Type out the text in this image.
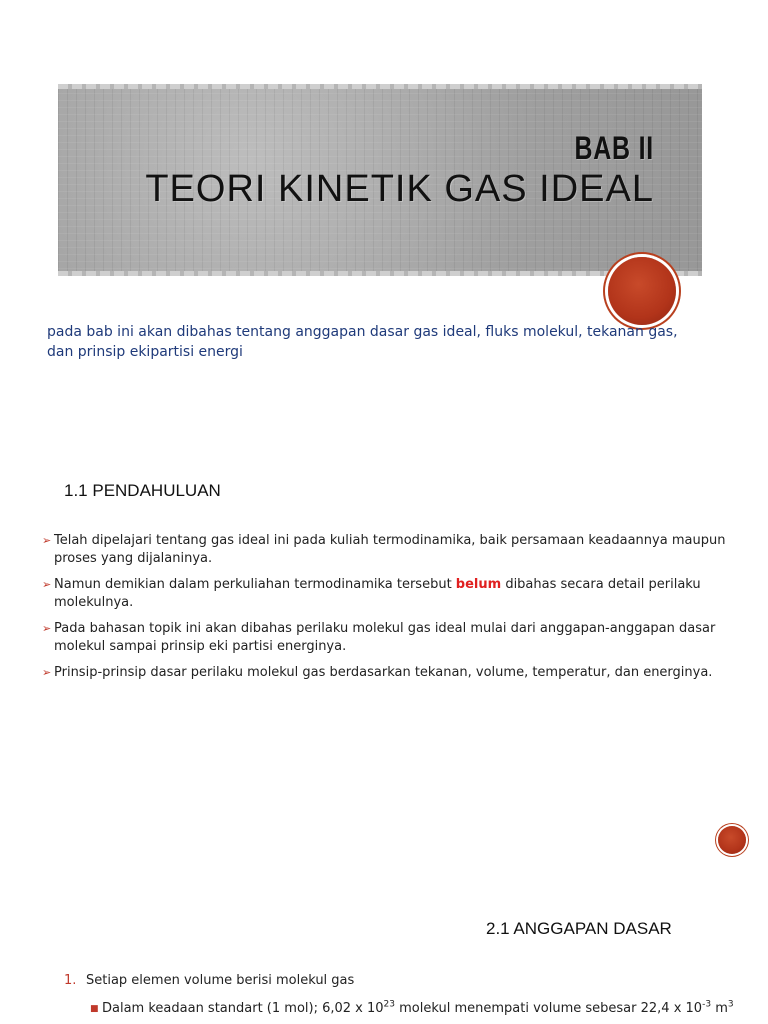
BAB II
TEORI KINETIK GAS IDEAL

pada bab ini akan dibahas tentang anggapan dasar gas ideal, fluks molekul, tekanan gas,
dan prinsip ekipartisi energi

1.1 PENDAHULUAN
➢ Telah dipelajari tentang gas ideal ini pada kuliah termodinamika, baik persamaan keadaannya maupun proses yang dijalaninya.
➢ Namun demikian dalam perkuliahan termodinamika tersebut belum dibahas secara detail perilaku molekulnya.
➢ Pada bahasan topik ini akan dibahas perilaku molekul gas ideal mulai dari anggapan-anggapan dasar molekul sampai prinsip eki partisi energinya.
➢ Prinsip-prinsip dasar perilaku molekul gas berdasarkan tekanan, volume, temperatur, dan energinya.
2.1 ANGGAPAN DASAR
1. Setiap elemen volume berisi molekul gas

■ Dalam keadaan standart (1 mol); 6,02 x $10^{23}$ molekul menempati volume sebesar 22,4 x $10^{-3}$ $m^3$
